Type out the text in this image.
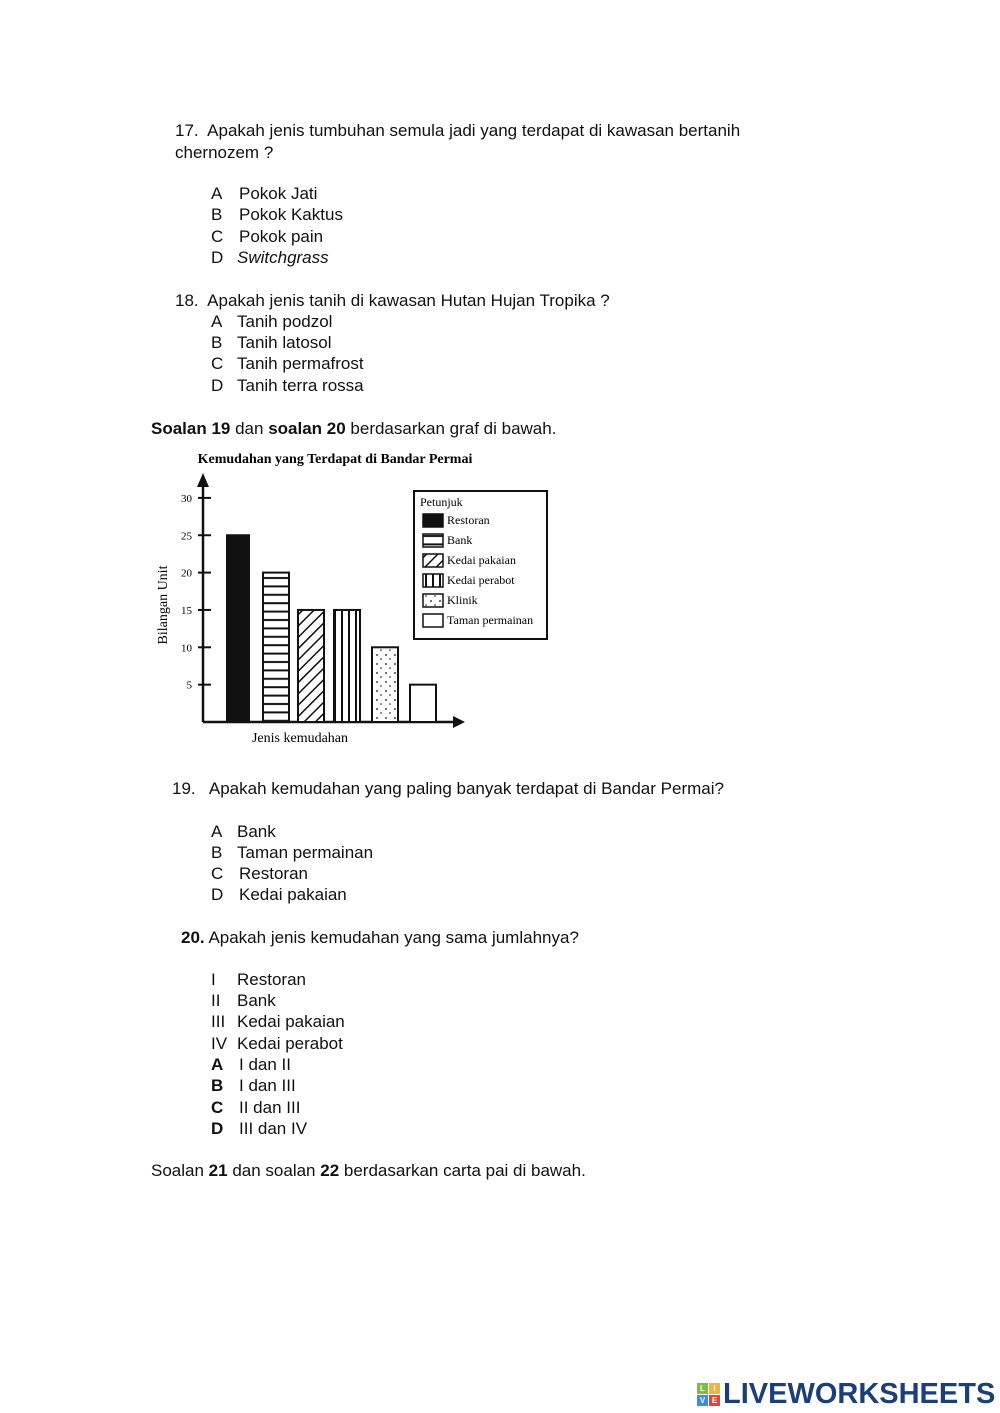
17. Apakah jenis tumbuhan semula jadi yang terdapat di kawasan bertanih
chernozem ?
A Pokok Jati
B Pokok Kaktus
C Pokok pain
D Switchgrass
18. Apakah jenis tanih di kawasan Hutan Hujan Tropika ?
A Tanih podzol
B Tanih latosol
C Tanih permafrost
D Tanih terra rossa
Soalan 19 dan soalan 20 berdasarkan graf di bawah.
Kemudahan yang Terdapat di Bandar Permai
5
10
15
20
25
30
Bilangan Unit
Jenis kemudahan
Petunjuk
Restoran
Bank
Kedai pakaian
Kedai perabot
Klinik
Taman permainan
19. Apakah kemudahan yang paling banyak terdapat di Bandar Permai?
A Bank
B Taman permainan
C Restoran
D Kedai pakaian
20. Apakah jenis kemudahan yang sama jumlahnya?
I Restoran
II Bank
III Kedai pakaian
IV Kedai perabot
A I dan II
B I dan III
C II dan III
D III dan IV
Soalan 21 dan soalan 22 berdasarkan carta pai di bawah.
L	I
V E LIVEWORKSHEETS
